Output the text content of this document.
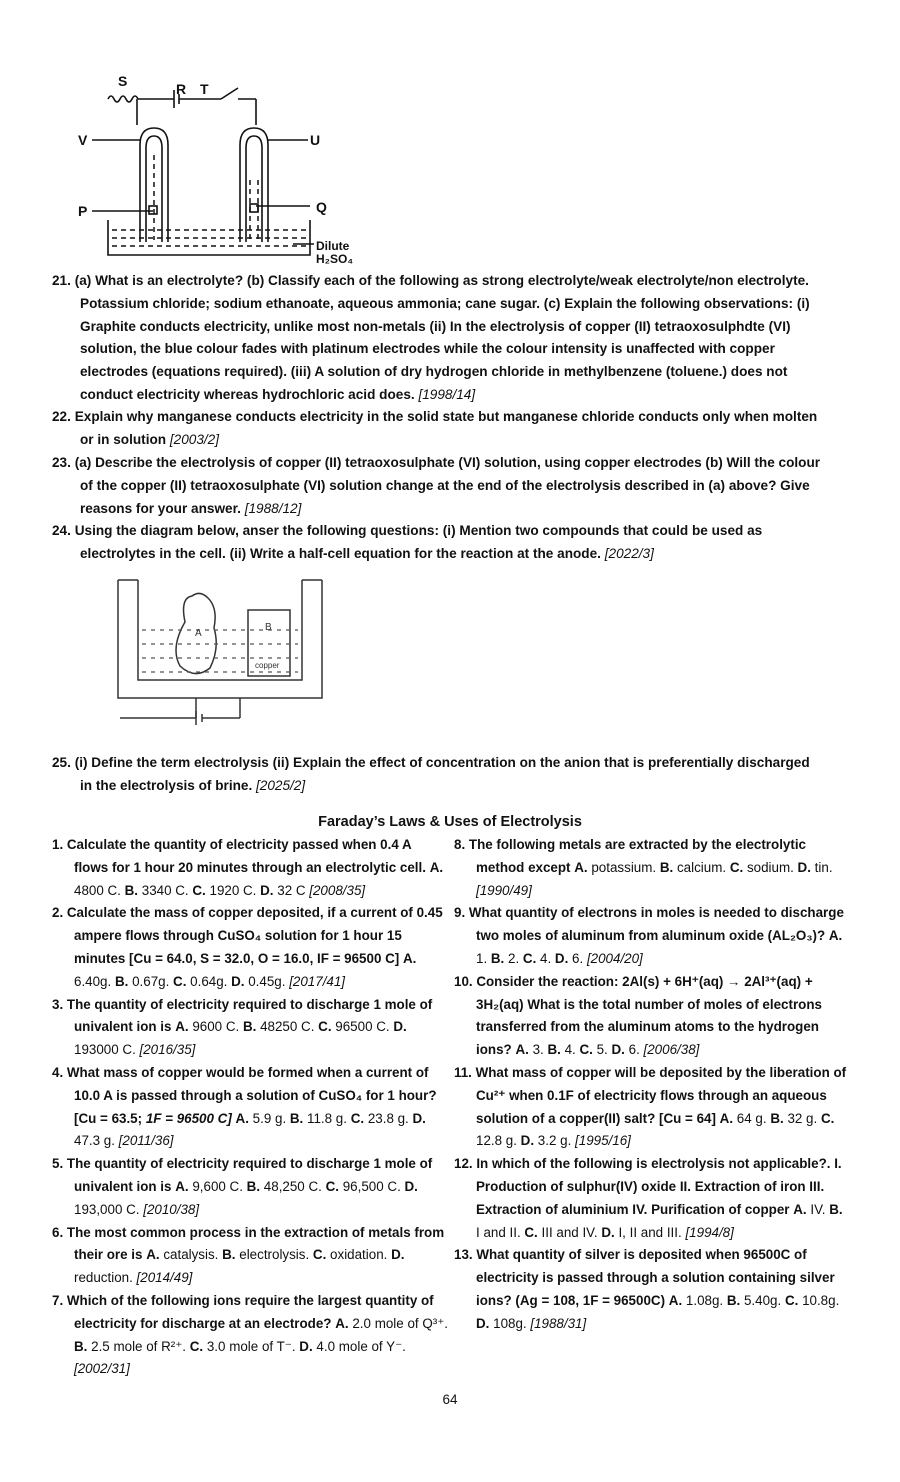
S	R T
V	U
P	Q
Dilute
H₂SO₄
21. (a) What is an electrolyte? (b) Classify each of the following as strong electrolyte/weak electrolyte/non electrolyte. Potassium chloride; sodium ethanoate, aqueous ammonia; cane sugar. (c) Explain the following observations: (i) Graphite conducts electricity, unlike most non-metals (ii) In the electrolysis of copper (II) tetraoxosulphdte (VI) solution, the blue colour fades with platinum electrodes while the colour intensity is unaffected with copper electrodes (equations required). (iii) A solution of dry hydrogen chloride in methylbenzene (toluene.) does not conduct electricity whereas hydrochloric acid does. [1998/14]
22. Explain why manganese conducts electricity in the solid state but manganese chloride conducts only when molten or in solution [2003/2]
23. (a) Describe the electrolysis of copper (II) tetraoxosulphate (VI) solution, using copper electrodes (b) Will the colour of the copper (II) tetraoxosulphate (VI) solution change at the end of the electrolysis described in (a) above? Give reasons for your answer. [1988/12]
24. Using the diagram below, anser the following questions: (i) Mention two compounds that could be used as electrolytes in the cell. (ii) Write a half-cell equation for the reaction at the anode. [2022/3]
A
B
copper
25. (i) Define the term electrolysis (ii) Explain the effect of concentration on the anion that is preferentially discharged in the electrolysis of brine. [2025/2]
Faraday’s Laws & Uses of Electrolysis

1. Calculate the quantity of electricity passed when 0.4 A flows for 1 hour 20 minutes through an electrolytic cell. A. 4800 C. B. 3340 C. C. 1920 C. D. 32 C [2008/35]

2. Calculate the mass of copper deposited, if a current of 0.45 ampere flows through CuSO₄ solution for 1 hour 15 minutes [Cu = 64.0, S = 32.0, O = 16.0, IF = 96500 C] A. 6.40g. B. 0.67g. C. 0.64g. D. 0.45g. [2017/41]

3. The quantity of electricity required to discharge 1 mole of univalent ion is A. 9600 C. B. 48250 C. C. 96500 C. D. 193000 C. [2016/35]

4. What mass of copper would be formed when a current of 10.0 A is passed through a solution of CuSO₄ for 1 hour? [Cu = 63.5; 1F = 96500 C] A. 5.9 g. B. 11.8 g. C. 23.8 g. D. 47.3 g. [2011/36]

5. The quantity of electricity required to discharge 1 mole of univalent ion is A. 9,600 C. B. 48,250 C. C. 96,500 C. D. 193,000 C. [2010/38]

6. The most common process in the extraction of metals from their ore is A. catalysis. B. electrolysis. C. oxidation. D. reduction. [2014/49]

7. Which of the following ions require the largest quantity of electricity for discharge at an electrode? A. 2.0 mole of Q³⁺. B. 2.5 mole of R²⁺. C. 3.0 mole of T⁻. D. 4.0 mole of Y⁻. [2002/31]

8. The following metals are extracted by the electrolytic method except A. potassium. B. calcium. C. sodium. D. tin. [1990/49]

9. What quantity of electrons in moles is needed to discharge two moles of aluminum from aluminum oxide (AL₂O₃)? A. 1. B. 2. C. 4. D. 6. [2004/20]

10. Consider the reaction: 2Al(s) + 6H⁺(aq) → 2Al³⁺(aq) + 3H₂(aq) What is the total number of moles of electrons transferred from the aluminum atoms to the hydrogen ions? A. 3. B. 4. C. 5. D. 6. [2006/38]

11. What mass of copper will be deposited by the liberation of Cu²⁺ when 0.1F of electricity flows through an aqueous solution of a copper(II) salt? [Cu = 64] A. 64 g. B. 32 g. C. 12.8 g. D. 3.2 g. [1995/16]

12. In which of the following is electrolysis not applicable?. I. Production of sulphur(IV) oxide II. Extraction of iron III. Extraction of aluminium IV. Purification of copper A. IV. B. I and II. C. III and IV. D. I, II and III. [1994/8]

13. What quantity of silver is deposited when 96500C of electricity is passed through a solution containing silver ions? (Ag = 108, 1F = 96500C) A. 1.08g. B. 5.40g. C. 10.8g. D. 108g. [1988/31]

64
